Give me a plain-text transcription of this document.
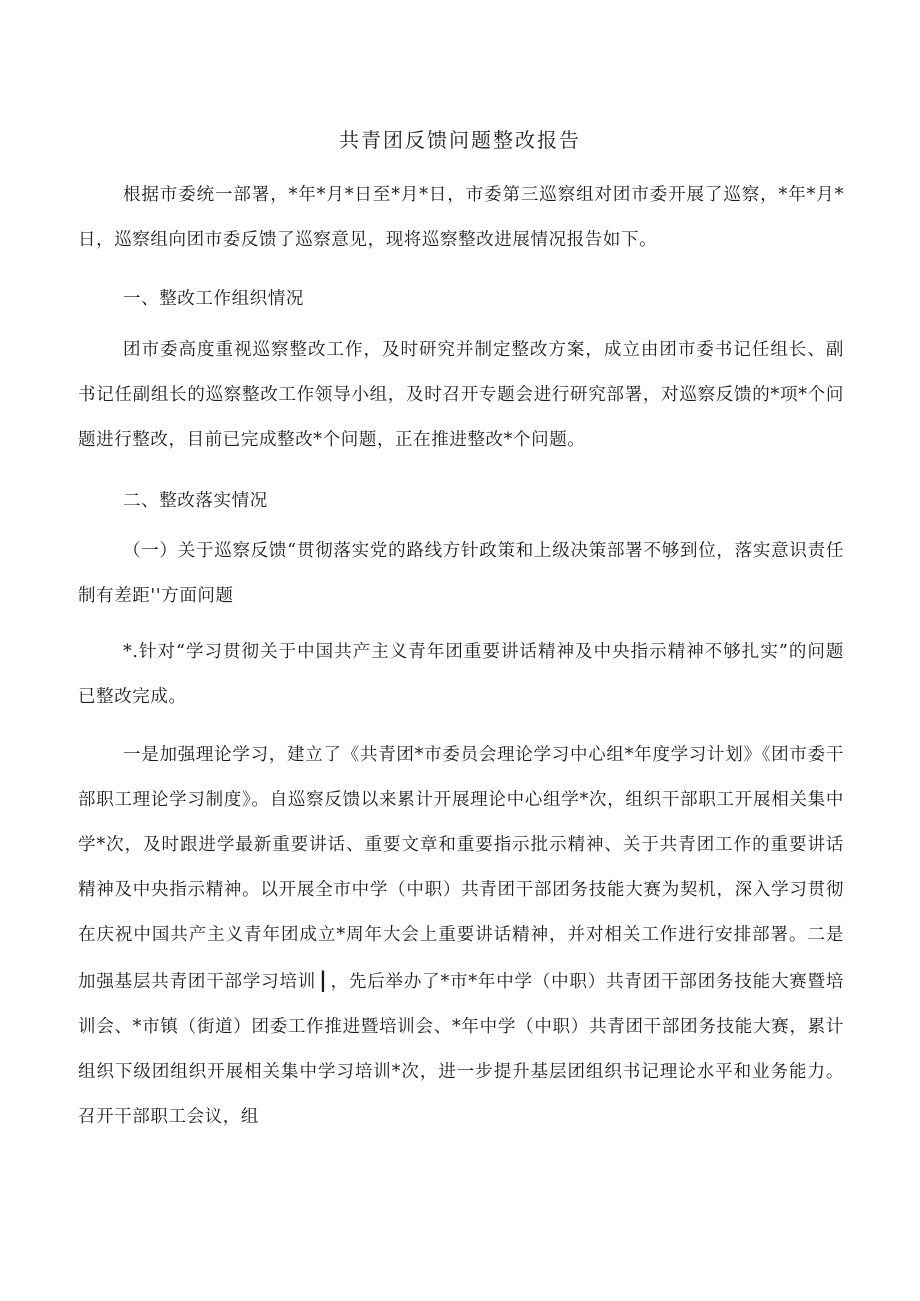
共青团反馈问题整改报告

根据市委统一部署，*年*月*日至*月*日，市委第三巡察组对团市委开展了巡察，*年*月*日，巡察组向团市委反馈了巡察意见，现将巡察整改进展情况报告如下。

一、整改工作组织情况

团市委高度重视巡察整改工作，及时研究并制定整改方案，成立由团市委书记任组长、副书记任副组长的巡察整改工作领导小组，及时召开专题会进行研究部署，对巡察反馈的*项*个问题进行整改，目前已完成整改*个问题，正在推进整改*个问题。

二、整改落实情况

（一）关于巡察反馈“贯彻落实党的路线方针政策和上级决策部署不够到位，落实意识责任制有差距''方面问题

*.针对“学习贯彻关于中国共产主义青年团重要讲话精神及中央指示精神不够扎实”的问题已整改完成。

一是加强理论学习，建立了《共青团*市委员会理论学习中心组*年度学习计划》《团市委干部职工理论学习制度》。自巡察反馈以来累计开展理论中心组学*次，组织干部职工开展相关集中学*次，及时跟进学最新重要讲话、重要文章和重要指示批示精神、关于共青团工作的重要讲话精神及中央指示精神。以开展全市中学（中职）共青团干部团务技能大赛为契机，深入学习贯彻在庆祝中国共产主义青年团成立*周年大会上重要讲话精神，并对相关工作进行安排部署。二是加强基层共青团干部学习培训 | ，先后举办了*市*年中学（中职）共青团干部团务技能大赛暨培训会、*市镇（街道）团委工作推进暨培训会、*年中学（中职）共青团干部团务技能大赛，累计组织下级团组织开展相关集中学习培训*次，进一步提升基层团组织书记理论水平和业务能力。召开干部职工会议，组
